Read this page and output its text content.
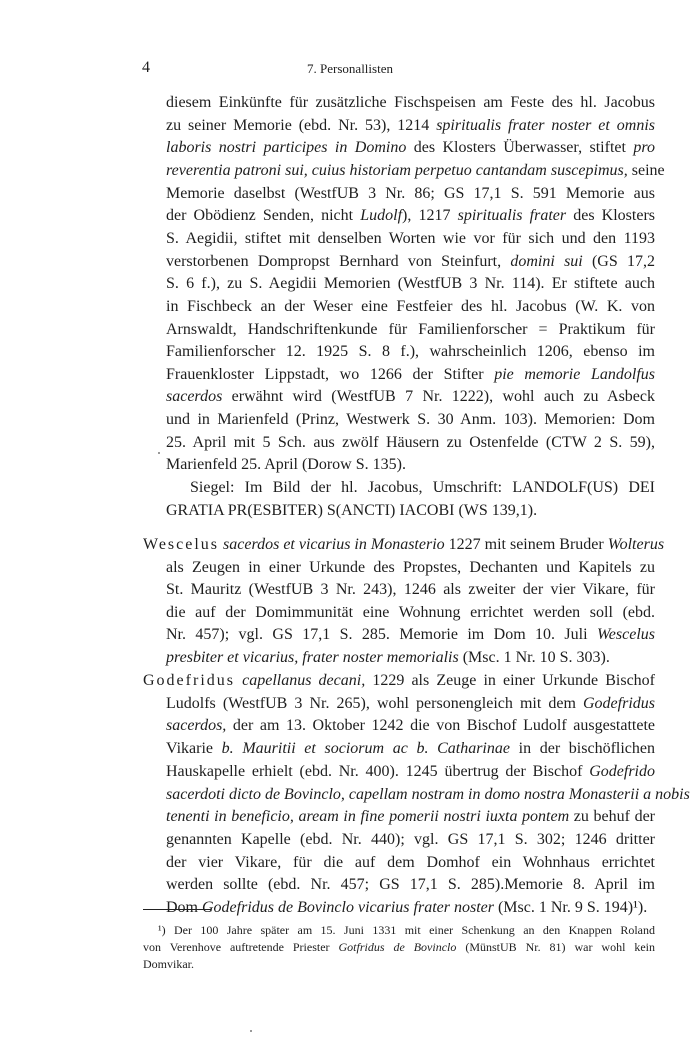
4	7. Personallisten
diesem Einkünfte für zusätzliche Fischspeisen am Feste des hl. Jacobus
zu seiner Memorie (ebd. Nr. 53), 1214 spiritualis frater noster et omnis
laboris nostri participes in Domino des Klosters Überwasser, stiftet pro
reverentia patroni sui, cuius historiam perpetuo cantandam suscepimus, seine
Memorie daselbst (WestfUB 3 Nr. 86; GS 17,1 S. 591 Memorie aus
der Obödienz Senden, nicht Ludolf), 1217 spiritualis frater des Klosters
S. Aegidii, stiftet mit denselben Worten wie vor für sich und den 1193
verstorbenen Dompropst Bernhard von Steinfurt, domini sui (GS 17,2
S. 6 f.), zu S. Aegidii Memorien (WestfUB 3 Nr. 114). Er stiftete auch
in Fischbeck an der Weser eine Festfeier des hl. Jacobus (W. K. von
Arnswaldt, Handschriftenkunde für Familienforscher = Praktikum für
Familienforscher 12. 1925 S. 8 f.), wahrscheinlich 1206, ebenso im
Frauenkloster Lippstadt, wo 1266 der Stifter pie memorie Landolfus
sacerdos erwähnt wird (WestfUB 7 Nr. 1222), wohl auch zu Asbeck
und in Marienfeld (Prinz, Westwerk S. 30 Anm. 103). Memorien: Dom
25. April mit 5 Sch. aus zwölf Häusern zu Ostenfelde (CTW 2 S. 59),
Marienfeld 25. April (Dorow S. 135).
Siegel: Im Bild der hl. Jacobus, Umschrift: LANDOLF(US) DEI
GRATIA PR(ESBITER) S(ANCTI) IACOBI (WS 139,1).
Wescelus sacerdos et vicarius in Monasterio 1227 mit seinem Bruder Wolterus
als Zeugen in einer Urkunde des Propstes, Dechanten und Kapitels zu
St. Mauritz (WestfUB 3 Nr. 243), 1246 als zweiter der vier Vikare, für
die auf der Domimmunität eine Wohnung errichtet werden soll (ebd.
Nr. 457); vgl. GS 17,1 S. 285. Memorie im Dom 10. Juli Wescelus
presbiter et vicarius, frater noster memorialis (Msc. 1 Nr. 10 S. 303).
Godefridus capellanus decani, 1229 als Zeuge in einer Urkunde Bischof
Ludolfs (WestfUB 3 Nr. 265), wohl personengleich mit dem Godefridus
sacerdos, der am 13. Oktober 1242 die von Bischof Ludolf ausgestattete
Vikarie b. Mauritii et sociorum ac b. Catharinae in der bischöflichen
Hauskapelle erhielt (ebd. Nr. 400). 1245 übertrug der Bischof Godefrido
sacerdoti dicto de Bovinclo, capellam nostram in domo nostra Monasterii a nobis
tenenti in beneficio, aream in fine pomerii nostri iuxta pontem zu behuf der
genannten Kapelle (ebd. Nr. 440); vgl. GS 17,1 S. 302; 1246 dritter
der vier Vikare, für die auf dem Domhof ein Wohnhaus errichtet
werden sollte (ebd. Nr. 457; GS 17,1 S. 285).Memorie 8. April im
Dom Godefridus de Bovinclo vicarius frater noster (Msc. 1 Nr. 9 S. 194)¹).
¹) Der 100 Jahre später am 15. Juni 1331 mit einer Schenkung an den Knappen Roland
von Verenhove auftretende Priester Gotfridus de Bovinclo (MünstUB Nr. 81) war wohl kein
Domvikar.
